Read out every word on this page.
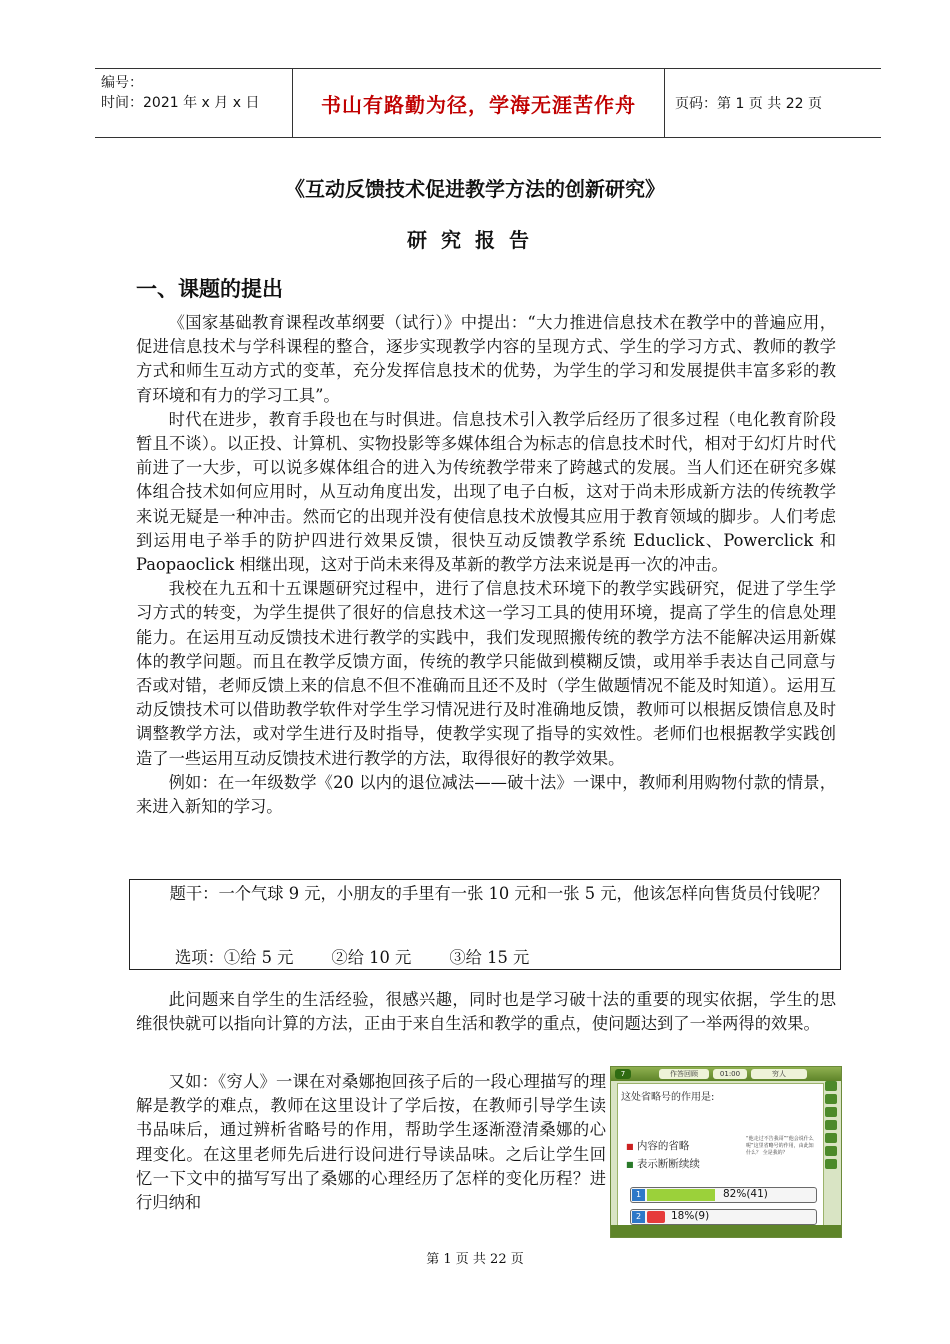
编号：
时间：2021 年 x 月 x 日	书山有路勤为径，学海无涯苦作舟	页码：第 1 页 共 22 页
《互动反馈技术促进教学方法的创新研究》
研究报告
一、课题的提出

《国家基础教育课程改革纲要（试行）》中提出：“大力推进信息技术在教学中的普遍应用，促进信息技术与学科课程的整合，逐步实现教学内容的呈现方式、学生的学习方式、教师的教学方式和师生互动方式的变革，充分发挥信息技术的优势，为学生的学习和发展提供丰富多彩的教育环境和有力的学习工具”。

时代在进步，教育手段也在与时俱进。信息技术引入教学后经历了很多过程（电化教育阶段暂且不谈）。以正投、计算机、实物投影等多媒体组合为标志的信息技术时代，相对于幻灯片时代前进了一大步，可以说多媒体组合的进入为传统教学带来了跨越式的发展。当人们还在研究多媒体组合技术如何应用时，从互动角度出发，出现了电子白板，这对于尚未形成新方法的传统教学来说无疑是一种冲击。然而它的出现并没有使信息技术放慢其应用于教育领域的脚步。人们考虑到运用电子举手的防护四进行效果反馈，很快互动反馈教学系统 Educlick、Powerclick 和 Paopaoclick 相继出现，这对于尚未来得及革新的教学方法来说是再一次的冲击。

我校在九五和十五课题研究过程中，进行了信息技术环境下的教学实践研究，促进了学生学习方式的转变，为学生提供了很好的信息技术这一学习工具的使用环境，提高了学生的信息处理能力。在运用互动反馈技术进行教学的实践中，我们发现照搬传统的教学方法不能解决运用新媒体的教学问题。而且在教学反馈方面，传统的教学只能做到模糊反馈，或用举手表达自己同意与否或对错，老师反馈上来的信息不但不准确而且还不及时（学生做题情况不能及时知道）。运用互动反馈技术可以借助教学软件对学生学习情况进行及时准确地反馈，教师可以根据反馈信息及时调整教学方法，或对学生进行及时指导，使教学实现了指导的实效性。老师们也根据教学实践创造了一些运用互动反馈技术进行教学的方法，取得很好的教学效果。

例如：在一年级数学《20 以内的退位减法——破十法》一课中，教师利用购物付款的情景，来进入新知的学习。

题干：一个气球 9 元，小朋友的手里有一张 10 元和一张 5 元，他该怎样向售货员付钱呢？
选项：①给 5 元 ②给 10 元 ③给 15 元

此问题来自学生的生活经验，很感兴趣，同时也是学习破十法的重要的现实依据，学生的思维很快就可以指向计算的方法，正由于来自生活和教学的重点，使问题达到了一举两得的效果。

又如：《穷人》一课在对桑娜抱回孩子后的一段心理描写的理解是教学的难点，教师在这里设计了学后按，在教师引导学生读书品味后，通过辨析省略号的作用，帮助学生逐渐澄清桑娜的心理变化。在这里老师先后进行设问进行导读品味。之后让学生回忆一下文中的描写写出了桑娜的心理经历了怎样的变化历程？进行归纳和

7	作答回顾	01:00	穷人
这处省略号的作用是:
■ 内容的省略
■ 表示断断续续
“他走过不告我哥”“他会说什么呢”这里省略号的作用，由此知什么？ 全是我的？
1	82%(41)
2	18%(9)
第 1 页 共 22 页
